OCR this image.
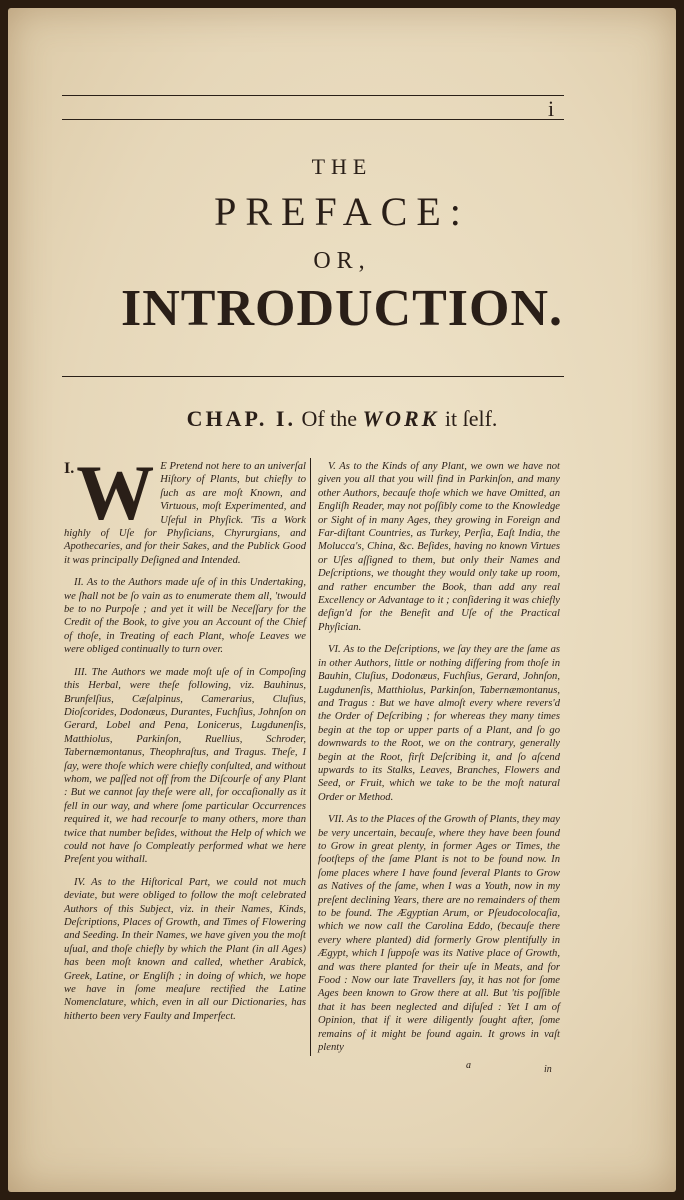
i
THE
PREFACE:
OR,
INTRODUCTION.
CHAP. I. Of the WORK it ſelf.

I. W E Pretend not here to an univerſal Hiſtory of Plants, but chiefly to ſuch as are moſt Known, and Virtuous, moſt Experimented, and Uſeful in Phyſick. 'Tis a Work highly of Uſe for Phyſicians, Chyrurgians, and Apothecaries, and for their Sakes, and the Publick Good it was principally Deſigned and Intended.

II. As to the Authors made uſe of in this Undertaking, we ſhall not be ſo vain as to enumerate them all, 'twould be to no Purpoſe ; and yet it will be Neceſſary for the Credit of the Book, to give you an Account of the Chief of thoſe, in Treating of each Plant, whoſe Leaves we were obliged continually to turn over.

III. The Authors we made moſt uſe of in Compoſing this Herbal, were theſe following, viz. Bauhinus, Brunfelſius, Cæſalpinus, Camerarius, Cluſius, Dioſcorides, Dodonæus, Durantes, Fuchſius, Johnſon on Gerard, Lobel and Pena, Lonicerus, Lugdunenſis, Matthiolus, Parkinſon, Ruellius, Schroder, Tabernæmontanus, Theophraſtus, and Tragus. Theſe, I ſay, were thoſe which were chiefly conſulted, and without whom, we paſſed not off from the Diſcourſe of any Plant : But we cannot ſay theſe were all, for occaſionally as it fell in our way, and where ſome particular Occurrences required it, we had recourſe to many others, more than twice that number beſides, without the Help of which we could not have ſo Compleatly performed what we here Preſent you withall.

IV. As to the Hiſtorical Part, we could not much deviate, but were obliged to follow the moſt celebrated Authors of this Subject, viz. in their Names, Kinds, Deſcriptions, Places of Growth, and Times of Flowering and Seeding. In their Names, we have given you the moſt uſual, and thoſe chiefly by which the Plant (in all Ages) has been moſt known and called, whether Arabick, Greek, Latine, or Engliſh ; in doing of which, we hope we have in ſome meaſure rectified the Latine Nomenclature, which, even in all our Dictionaries, has hitherto been very Faulty and Imperfect.

V. As to the Kinds of any Plant, we own we have not given you all that you will find in Parkinſon, and many other Authors, becauſe thoſe which we have Omitted, an Engliſh Reader, may not poſſibly come to the Knowledge or Sight of in many Ages, they growing in Foreign and Far-diſtant Countries, as Turkey, Perſia, Eaſt India, the Molucca's, China, &c. Beſides, having no known Virtues or Uſes aſſigned to them, but only their Names and Deſcriptions, we thought they would only take up room, and rather encumber the Book, than add any real Excellency or Advantage to it ; conſidering it was chiefly deſign'd for the Benefit and Uſe of the Practical Phyſician.

VI. As to the Deſcriptions, we ſay they are the ſame as in other Authors, little or nothing differing from thoſe in Bauhin, Cluſius, Dodonæus, Fuchſius, Gerard, Johnſon, Lugdunenſis, Matthiolus, Parkinſon, Tabernæmontanus, and Tragus : But we have almoſt every where revers'd the Order of Deſcribing ; for whereas they many times begin at the top or upper parts of a Plant, and ſo go downwards to the Root, we on the contrary, generally begin at the Root, firſt Deſcribing it, and ſo aſcend upwards to its Stalks, Leaves, Branches, Flowers and Seed, or Fruit, which we take to be the moſt natural Order or Method.

VII. As to the Places of the Growth of Plants, they may be very uncertain, becauſe, where they have been found to Grow in great plenty, in former Ages or Times, the footſteps of the ſame Plant is not to be found now. In ſome places where I have found ſeveral Plants to Grow as Natives of the ſame, when I was a Youth, now in my preſent declining Years, there are no remainders of them to be found. The Ægyptian Arum, or Pſeudocolocaſia, which we now call the Carolina Eddo, (becauſe there every where planted) did formerly Grow plentifully in Ægypt, which I ſuppoſe was its Native place of Growth, and was there planted for their uſe in Meats, and for Food : Now our late Travellers ſay, it has not for ſome Ages been known to Grow there at all. But 'tis poſſible that it has been neglected and diſuſed : Yet I am of Opinion, that if it were diligently ſought after, ſome remains of it might be found again. It grows in vaſt plenty

a	in
